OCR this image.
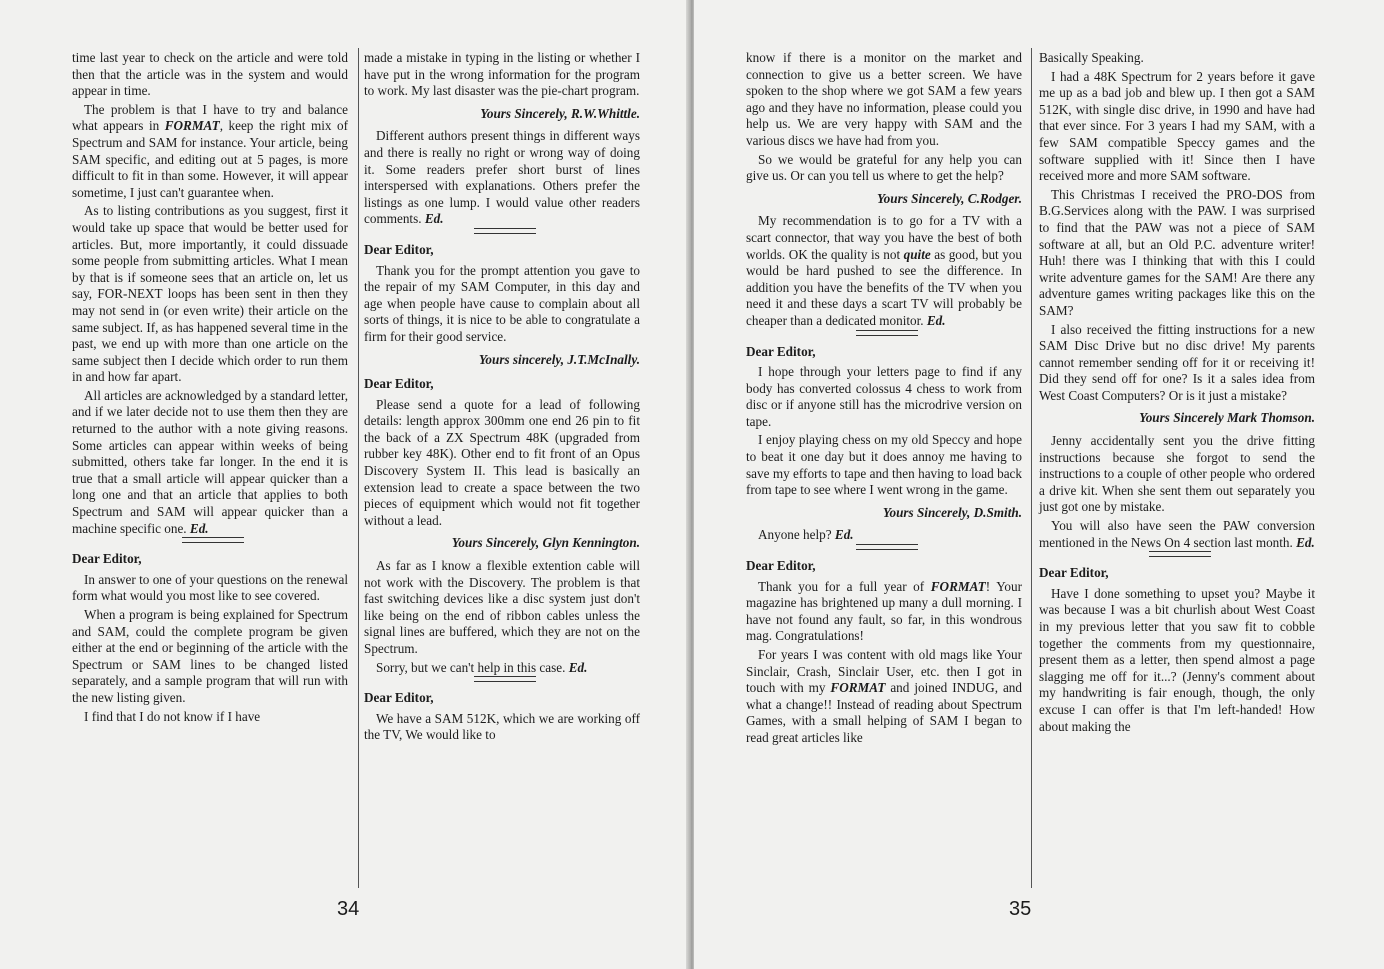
time last year to check on the article and were told then that the article was in the system and would appear in time.

The problem is that I have to try and balance what appears in FORMAT, keep the right mix of Spectrum and SAM for instance. Your article, being SAM specific, and editing out at 5 pages, is more difficult to fit in than some. However, it will appear sometime, I just can't guarantee when.

As to listing contributions as you suggest, first it would take up space that would be better used for articles. But, more importantly, it could dissuade some people from submitting articles. What I mean by that is if someone sees that an article on, let us say, FOR-NEXT loops has been sent in then they may not send in (or even write) their article on the same subject. If, as has happened several time in the past, we end up with more than one article on the same subject then I decide which order to run them in and how far apart.

All articles are acknowledged by a standard letter, and if we later decide not to use them then they are returned to the author with a note giving reasons. Some articles can appear within weeks of being submitted, others take far longer. In the end it is true that a small article will appear quicker than a long one and that an article that applies to both Spectrum and SAM will appear quicker than a machine specific one. Ed.

Dear Editor,

In answer to one of your questions on the renewal form what would you most like to see covered.

When a program is being explained for Spectrum and SAM, could the complete program be given either at the end or beginning of the article with the Spectrum or SAM lines to be changed listed separately, and a sample program that will run with the new listing given.

I find that I do not know if I have

made a mistake in typing in the listing or whether I have put in the wrong information for the program to work. My last disaster was the pie-chart program.

Yours Sincerely, R.W.Whittle.

Different authors present things in different ways and there is really no right or wrong way of doing it. Some readers prefer short burst of lines interspersed with explanations. Others prefer the listings as one lump. I would value other readers comments. Ed.

Dear Editor,

Thank you for the prompt attention you gave to the repair of my SAM Computer, in this day and age when people have cause to complain about all sorts of things, it is nice to be able to congratulate a firm for their good service.

Yours sincerely, J.T.McInally.

Dear Editor,

Please send a quote for a lead of following details: length approx 300mm one end 26 pin to fit the back of a ZX Spectrum 48K (upgraded from rubber key 48K). Other end to fit front of an Opus Discovery System II. This lead is basically an extension lead to create a space between the two pieces of equipment which would not fit together without a lead.

Yours Sincerely, Glyn Kennington.

As far as I know a flexible extention cable will not work with the Discovery. The problem is that fast switching devices like a disc system just don't like being on the end of ribbon cables unless the signal lines are buffered, which they are not on the Spectrum.

Sorry, but we can't help in this case. Ed.

Dear Editor,

We have a SAM 512K, which we are working off the TV, We would like to

34

know if there is a monitor on the market and connection to give us a better screen. We have spoken to the shop where we got SAM a few years ago and they have no information, please could you help us. We are very happy with SAM and the various discs we have had from you.

So we would be grateful for any help you can give us. Or can you tell us where to get the help?

Yours Sincerely, C.Rodger.

My recommendation is to go for a TV with a scart connector, that way you have the best of both worlds. OK the quality is not quite as good, but you would be hard pushed to see the difference. In addition you have the benefits of the TV when you need it and these days a scart TV will probably be cheaper than a dedicated monitor. Ed.

Dear Editor,

I hope through your letters page to find if any body has converted colossus 4 chess to work from disc or if anyone still has the microdrive version on tape.

I enjoy playing chess on my old Speccy and hope to beat it one day but it does annoy me having to save my efforts to tape and then having to load back from tape to see where I went wrong in the game.

Yours Sincerely, D.Smith.

Anyone help? Ed.

Dear Editor,

Thank you for a full year of FORMAT! Your magazine has brightened up many a dull morning. I have not found any fault, so far, in this wondrous mag. Congratulations!

For years I was content with old mags like Your Sinclair, Crash, Sinclair User, etc. then I got in touch with my FORMAT and joined INDUG, and what a change!! Instead of reading about Spectrum Games, with a small helping of SAM I began to read great articles like

Basically Speaking.

I had a 48K Spectrum for 2 years before it gave me up as a bad job and blew up. I then got a SAM 512K, with single disc drive, in 1990 and have had that ever since. For 3 years I had my SAM, with a few SAM compatible Speccy games and the software supplied with it! Since then I have received more and more SAM software.

This Christmas I received the PRO-DOS from B.G.Services along with the PAW. I was surprised to find that the PAW was not a piece of SAM software at all, but an Old P.C. adventure writer! Huh! there was I thinking that with this I could write adventure games for the SAM! Are there any adventure games writing packages like this on the SAM?

I also received the fitting instructions for a new SAM Disc Drive but no disc drive! My parents cannot remember sending off for it or receiving it! Did they send off for one? Is it a sales idea from West Coast Computers? Or is it just a mistake?

Yours Sincerely Mark Thomson.

Jenny accidentally sent you the drive fitting instructions because she forgot to send the instructions to a couple of other people who ordered a drive kit. When she sent them out separately you just got one by mistake.

You will also have seen the PAW conversion mentioned in the News On 4 section last month. Ed.

Dear Editor,

Have I done something to upset you? Maybe it was because I was a bit churlish about West Coast in my previous letter that you saw fit to cobble together the comments from my questionnaire, present them as a letter, then spend almost a page slagging me off for it...? (Jenny's comment about my handwriting is fair enough, though, the only excuse I can offer is that I'm left-handed! How about making the

35
